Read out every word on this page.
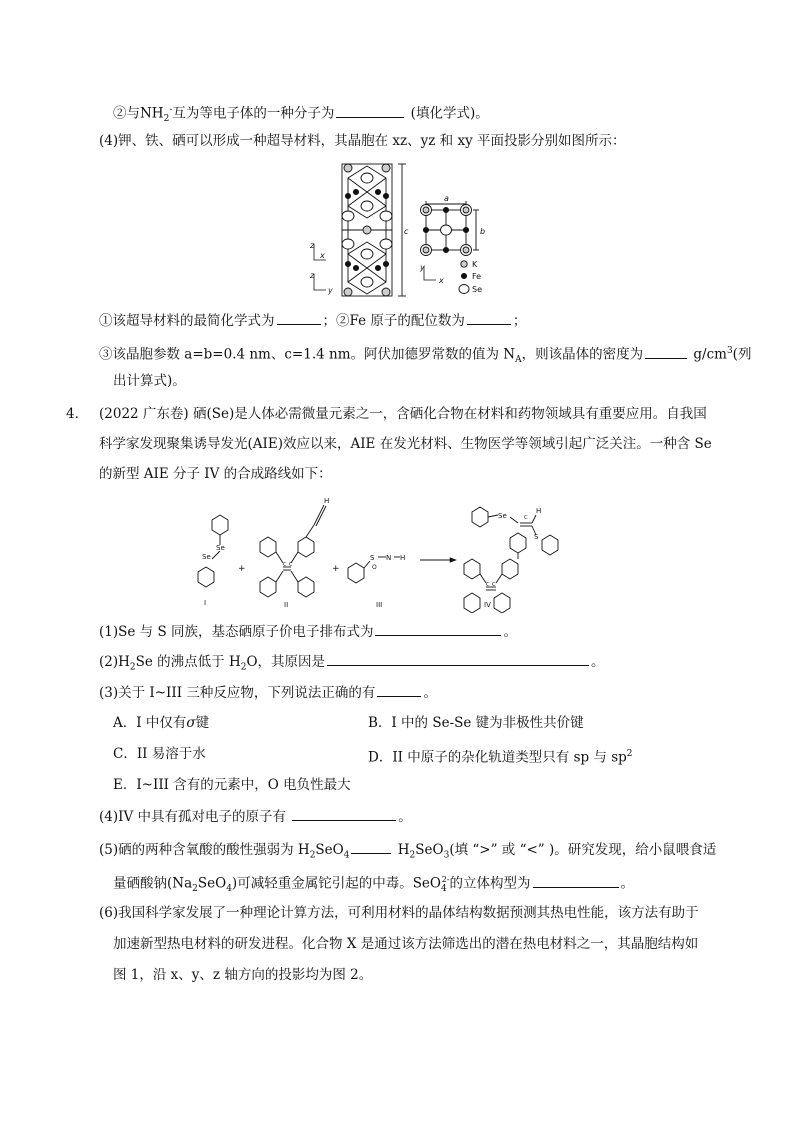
②与$NH_2^-$互为等电子体的一种分子为	(填化学式)。
(4)钾、铁、硒可以形成一种超导材料，其晶胞在 xz、yz 和 xy 平面投影分别如图所示：
z
x
z
y
y
x
c
a
b
K
Fe
Se
①该超导材料的最简化学式为	；②Fe 原子的配位数为	；
③该晶胞参数 a=b=0.4 nm、c=1.4 nm。阿伏加德罗常数的值为 $N_A$，则该晶体的密度为	$g/cm^3$(列
出计算式)。
4． (2022 广东卷) 硒(Se)是人体必需微量元素之一，含硒化合物在材料和药物领域具有重要应用。自我国
科学家发现聚集诱导发光(AIE)效应以来，AIE 在发光材料、生物医学等领域引起广泛关注。一种含 Se
的新型 AIE 分子 IV 的合成路线如下：
Se
Se
I
+
H
C C
II
+
S N H
O
III
Se	C
H
S
C C
IV
(1)Se 与 S 同族，基态硒原子价电子排布式为	。
$(2)H_2Se$ 的沸点低于 $H_2O$，其原因是	。
(3)关于 I~III 三种反应物，下列说法正确的有	。
A．I 中仅有σ键	B．I 中的 Se-Se 键为非极性共价键
C．II 易溶于水	D．II 中原子的杂化轨道类型只有 sp 与 $sp^2$
E．I~III 含有的元素中，O 电负性最大
(4)IV 中具有孤对电子的原子有	。
(5)硒的两种含氧酸的酸性强弱为 $H_2SeO_4$	$H_2SeO_3$(填 “>” 或 “<” )。研究发现，给小鼠喂食适
量硒酸钠$(Na_2SeO_4)$可减轻重金属铊引起的中毒。SeO$_4^{2-}$的立体构型为	。
(6)我国科学家发展了一种理论计算方法，可利用材料的晶体结构数据预测其热电性能，该方法有助于
加速新型热电材料的研发进程。化合物 X 是通过该方法筛选出的潜在热电材料之一，其晶胞结构如
图 1，沿 x、y、z 轴方向的投影均为图 2。
